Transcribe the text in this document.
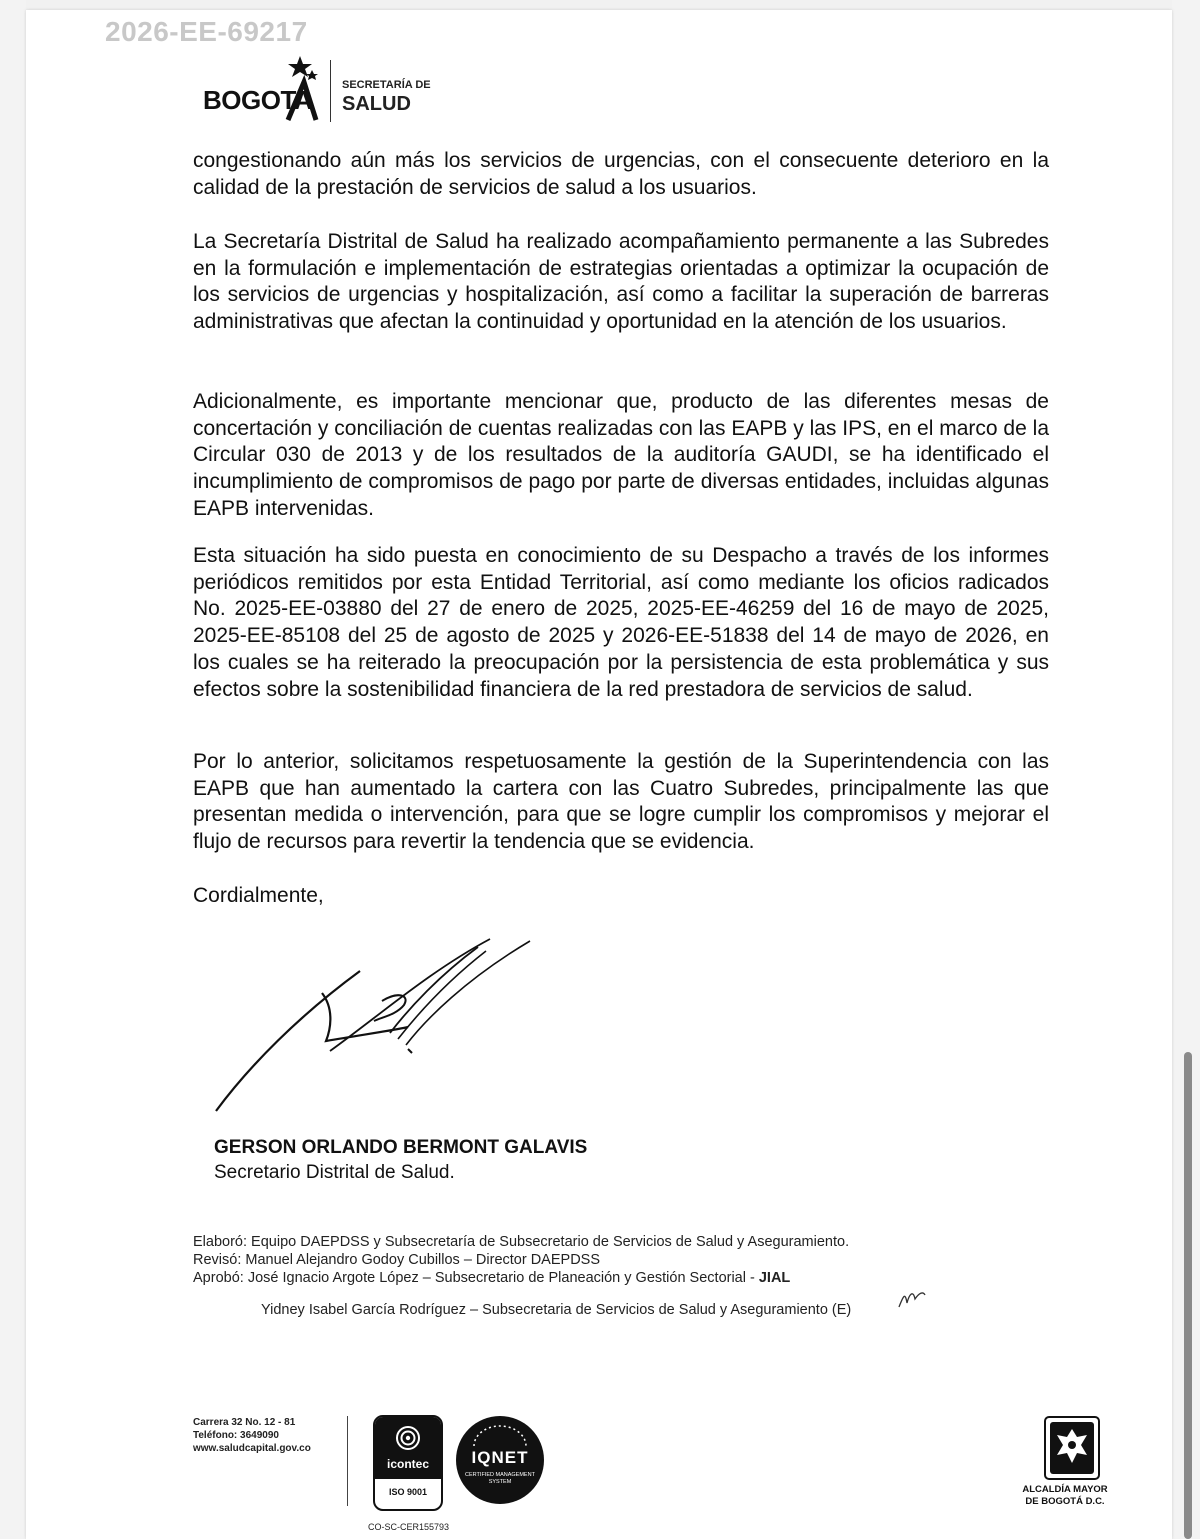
2026-EE-69217
BOGOTA	SECRETARÍA DE
SALUD

congestionando aún más los servicios de urgencias, con el consecuente deterioro en la calidad de la prestación de servicios de salud a los usuarios.

La Secretaría Distrital de Salud ha realizado acompañamiento permanente a las Subredes en la formulación e implementación de estrategias orientadas a optimizar la ocupación de los servicios de urgencias y hospitalización, así como a facilitar la superación de barreras administrativas que afectan la continuidad y oportunidad en la atención de los usuarios.

Adicionalmente, es importante mencionar que, producto de las diferentes mesas de concertación y conciliación de cuentas realizadas con las EAPB y las IPS, en el marco de la Circular 030 de 2013 y de los resultados de la auditoría GAUDI, se ha identificado el incumplimiento de compromisos de pago por parte de diversas entidades, incluidas algunas EAPB intervenidas.

Esta situación ha sido puesta en conocimiento de su Despacho a través de los informes periódicos remitidos por esta Entidad Territorial, así como mediante los oficios radicados No. 2025-EE-03880 del 27 de enero de 2025, 2025-EE-46259 del 16 de mayo de 2025, 2025-EE-85108 del 25 de agosto de 2025 y 2026-EE-51838 del 14 de mayo de 2026, en los cuales se ha reiterado la preocupación por la persistencia de esta problemática y sus efectos sobre la sostenibilidad financiera de la red prestadora de servicios de salud.

Por lo anterior, solicitamos respetuosamente la gestión de la Superintendencia con las EAPB que han aumentado la cartera con las Cuatro Subredes, principalmente las que presentan medida o intervención, para que se logre cumplir los compromisos y mejorar el flujo de recursos para revertir la tendencia que se evidencia.

Cordialmente,

GERSON ORLANDO BERMONT GALAVIS
Secretario Distrital de Salud.
Elaboró: Equipo DAEPDSS y Subsecretaría de Subsecretario de Servicios de Salud y Aseguramiento.
Revisó: Manuel Alejandro Godoy Cubillos – Director DAEPDSS
Aprobó: José Ignacio Argote López – Subsecretario de Planeación y Gestión Sectorial - JIAL
Yidney Isabel García Rodríguez – Subsecretaria de Servicios de Salud y Aseguramiento (E)
Carrera 32 No. 12 - 81
Teléfono: 3649090
www.saludcapital.gov.co
icontec
ISO 9001
IQNET
CERTIFIED MANAGEMENT SYSTEM
CO-SC-CER155793
ALCALDÍA MAYOR
DE BOGOTÁ D.C.
